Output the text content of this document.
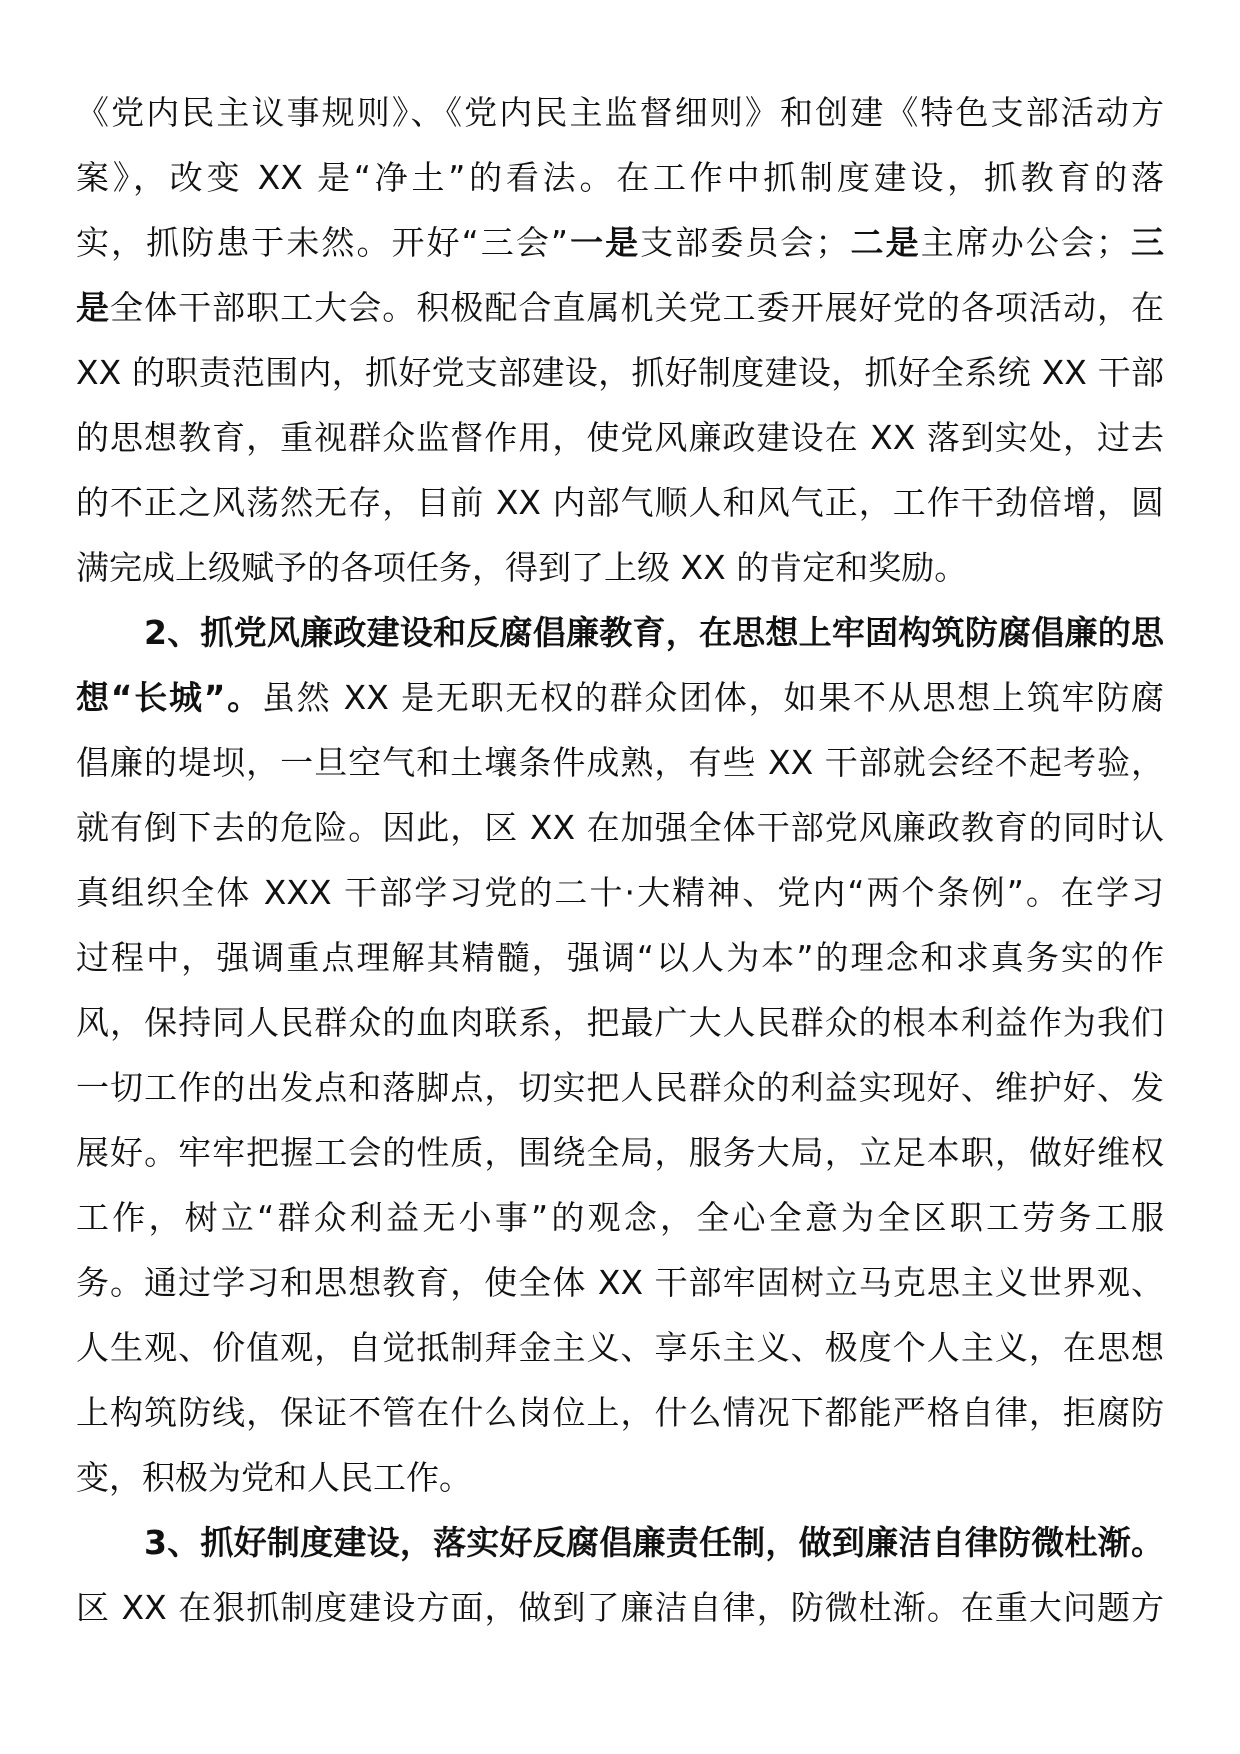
《党内民主议事规则》、《党内民主监督细则》和创建《特色支部活动方
案》，改变 XX 是“净土”的看法。在工作中抓制度建设，抓教育的落
实，抓防患于未然。开好“三会”一是支部委员会；二是主席办公会；三
是全体干部职工大会。积极配合直属机关党工委开展好党的各项活动，在
XX 的职责范围内，抓好党支部建设，抓好制度建设，抓好全系统 XX 干部
的思想教育，重视群众监督作用，使党风廉政建设在 XX 落到实处，过去
的不正之风荡然无存，目前 XX 内部气顺人和风气正，工作干劲倍增，圆
满完成上级赋予的各项任务，得到了上级 XX 的肯定和奖励。
2、抓党风廉政建设和反腐倡廉教育，在思想上牢固构筑防腐倡廉的思
想“长城”。虽然 XX 是无职无权的群众团体，如果不从思想上筑牢防腐
倡廉的堤坝，一旦空气和土壤条件成熟，有些 XX 干部就会经不起考验，
就有倒下去的危险。因此，区 XX 在加强全体干部党风廉政教育的同时认
真组织全体 XXX 干部学习党的二十·大精神、党内“两个条例”。在学习
过程中，强调重点理解其精髓，强调“以人为本”的理念和求真务实的作
风，保持同人民群众的血肉联系，把最广大人民群众的根本利益作为我们
一切工作的出发点和落脚点，切实把人民群众的利益实现好、维护好、发
展好。牢牢把握工会的性质，围绕全局，服务大局，立足本职，做好维权
工作，树立“群众利益无小事”的观念，全心全意为全区职工劳务工服
务。通过学习和思想教育，使全体 XX 干部牢固树立马克思主义世界观、
人生观、价值观，自觉抵制拜金主义、享乐主义、极度个人主义，在思想
上构筑防线，保证不管在什么岗位上，什么情况下都能严格自律，拒腐防
变，积极为党和人民工作。
3、抓好制度建设，落实好反腐倡廉责任制，做到廉洁自律防微杜渐。
区 XX 在狠抓制度建设方面，做到了廉洁自律，防微杜渐。在重大问题方
